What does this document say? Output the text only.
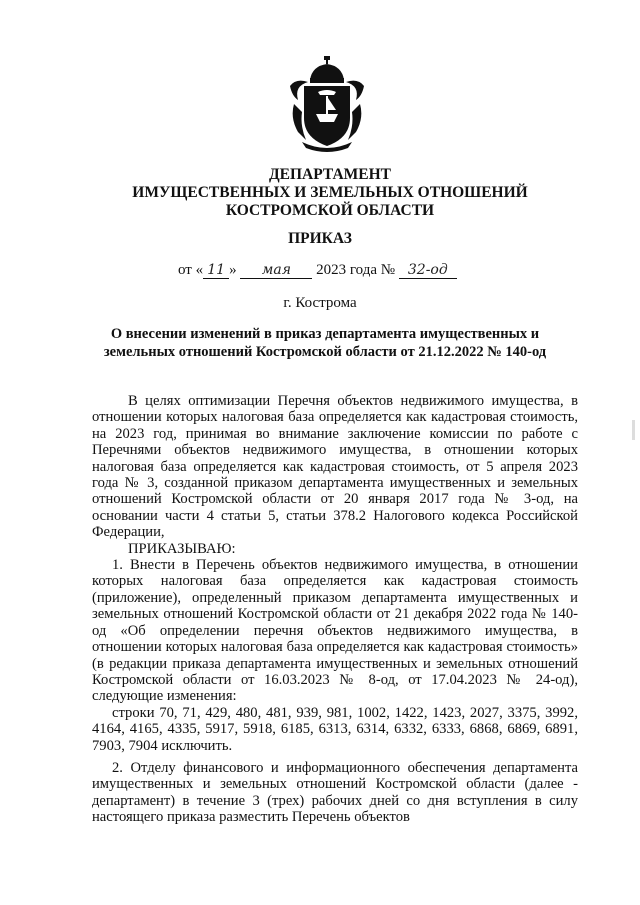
ДЕПАРТАМЕНТ
ИМУЩЕСТВЕННЫХ И ЗЕМЕЛЬНЫХ ОТНОШЕНИЙ
КОСТРОМСКОЙ ОБЛАСТИ
ПРИКАЗ
от « 11 » мая 2023 года № 32-од
г. Кострома
О внесении изменений в приказ департамента имущественных и
земельных отношений Костромской области от 21.12.2022 № 140-од

В целях оптимизации Перечня объектов недвижимого имущества, в отношении которых налоговая база определяется как кадастровая стоимость, на 2023 год, принимая во внимание заключение комиссии по работе с Перечнями объектов недвижимого имущества, в отношении которых налоговая база определяется как кадастровая стоимость, от 5 апреля 2023 года № 3, созданной приказом департамента имущественных и земельных отношений Костромской области от 20 января 2017 года № 3-од, на основании части 4 статьи 5, статьи 378.2 Налогового кодекса Российской Федерации,

ПРИКАЗЫВАЮ:

1. Внести в Перечень объектов недвижимого имущества, в отношении которых налоговая база определяется как кадастровая стоимость (приложение), определенный приказом департамента имущественных и земельных отношений Костромской области от 21 декабря 2022 года № 140-од «Об определении перечня объектов недвижимого имущества, в отношении которых налоговая база определяется как кадастровая стоимость» (в редакции приказа департамента имущественных и земельных отношений Костромской области от 16.03.2023 № 8-од, от 17.04.2023 № 24-од), следующие изменения:

строки 70, 71, 429, 480, 481, 939, 981, 1002, 1422, 1423, 2027, 3375, 3992, 4164, 4165, 4335, 5917, 5918, 6185, 6313, 6314, 6332, 6333, 6868, 6869, 6891, 7903, 7904 исключить.

2. Отделу финансового и информационного обеспечения департамента имущественных и земельных отношений Костромской области (далее - департамент) в течение 3 (трех) рабочих дней со дня вступления в силу настоящего приказа разместить Перечень объектов
